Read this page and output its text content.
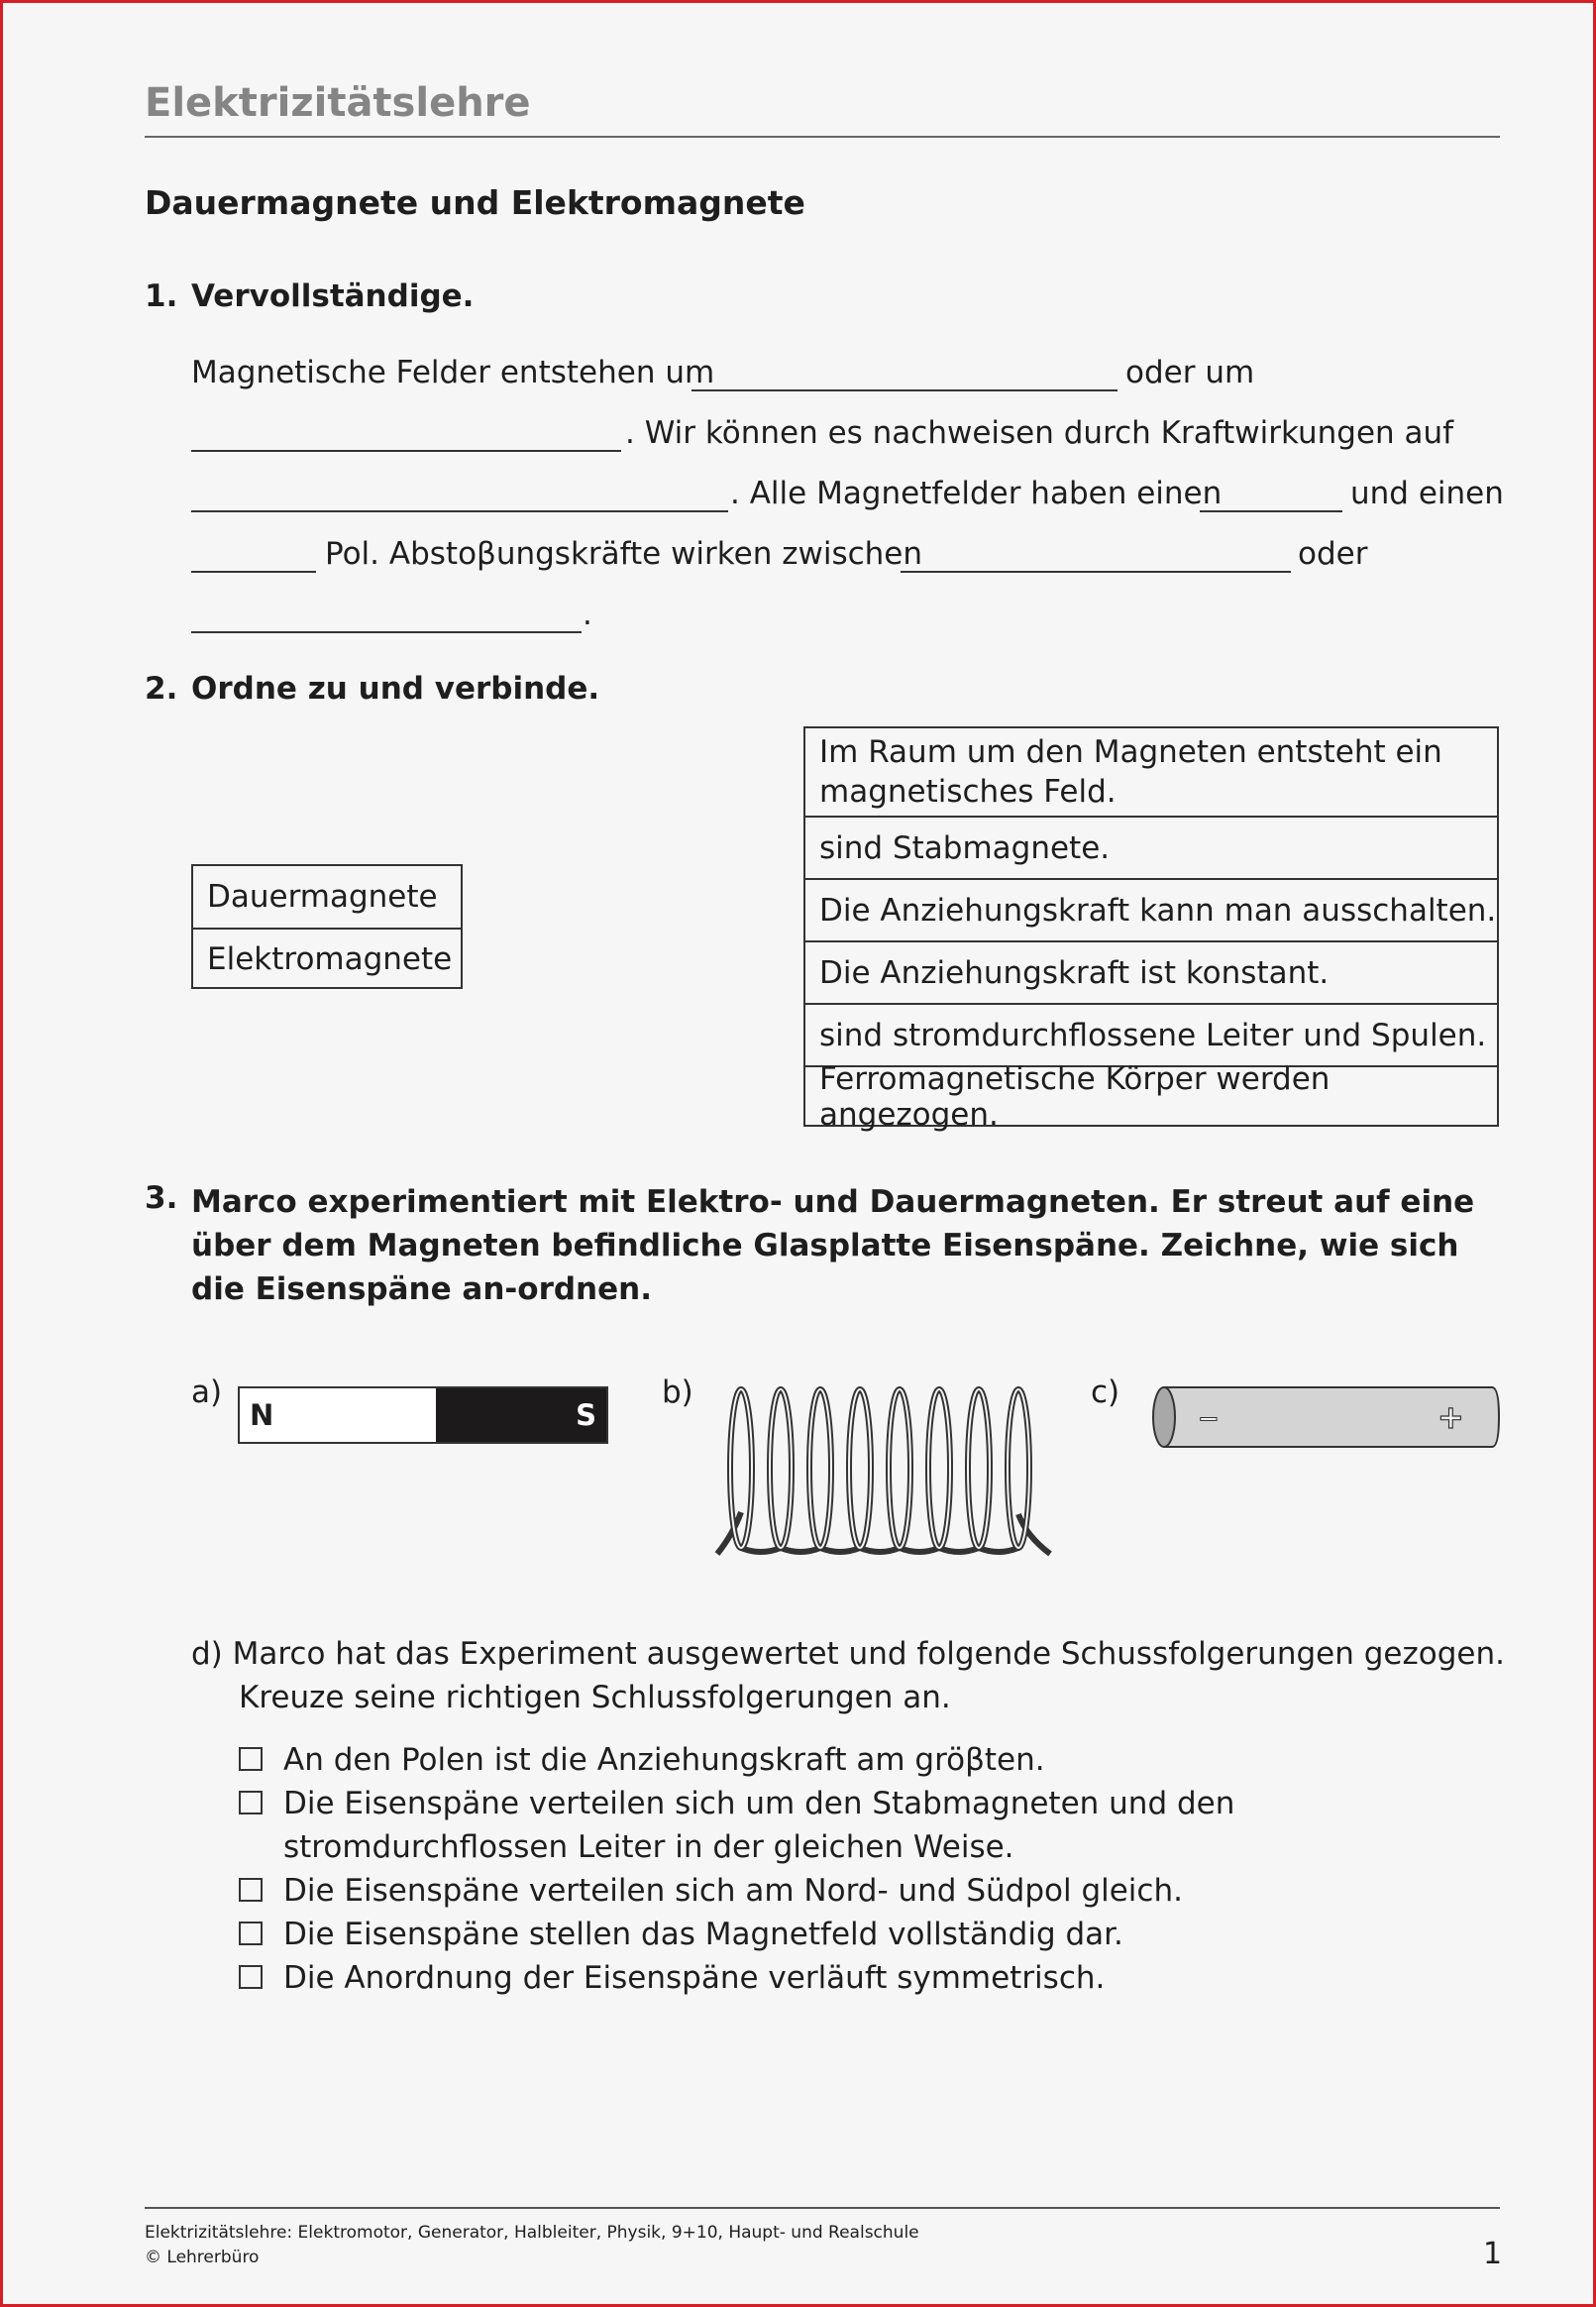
Elektrizitätslehre
Dauermagnete und Elektromagnete
1. Vervollständige.
Magnetische Felder entstehen um	oder um
. Wir können es nachweisen durch Kraftwirkungen auf
. Alle Magnetfelder haben einen	und einen
Pol. Abstoβungskräfte wirken zwischen	oder
.
2. Ordne zu und verbinde.
Dauermagnete
Elektromagnete
Im Raum um den Magneten entsteht ein magnetisches Feld.
sind Stabmagnete.
Die Anziehungskraft kann man ausschalten.
Die Anziehungskraft ist konstant.
sind stromdurchflossene Leiter und Spulen.
Ferromagnetische Körper werden angezogen.
3. Marco experimentiert mit Elektro- und Dauermagneten. Er streut auf eine über dem Magneten befindliche Glasplatte Eisenspäne. Zeichne, wie sich die Eisenspäne an-ordnen.
a)
N	S
b)	c)
−	+
d) Marco hat das Experiment ausgewertet und folgende Schussfolgerungen gezogen.
Kreuze seine richtigen Schlussfolgerungen an.
An den Polen ist die Anziehungskraft am gröβten.
Die Eisenspäne verteilen sich um den Stabmagneten und den stromdurchflossen Leiter in der gleichen Weise.
Die Eisenspäne verteilen sich am Nord- und Südpol gleich.
Die Eisenspäne stellen das Magnetfeld vollständig dar.
Die Anordnung der Eisenspäne verläuft symmetrisch.
Elektrizitätslehre: Elektromotor, Generator, Halbleiter, Physik, 9+10, Haupt- und Realschule
© Lehrerbüro	1
